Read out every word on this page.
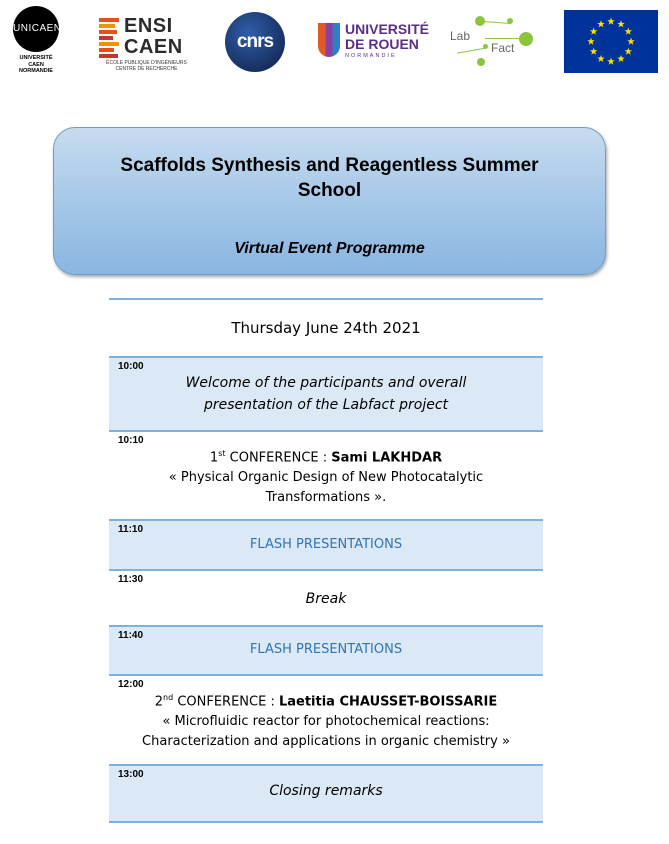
UNICAEN
UNIVERSITÉ
CAEN
NORMANDIE
ENSI
CAEN
ÉCOLE PUBLIQUE D'INGÉNIEURS
CENTRE DE RECHERCHE
cnrs
UNIVERSITÉ
DE ROUEN
NORMANDIE
Lab
Fact
Scaffolds Synthesis and Reagentless Summer
School
Virtual Event Programme
Thursday June 24th 2021
10:00
Welcome of the participants and overall
presentation of the Labfact project
10:10
1st CONFERENCE : Sami LAKHDAR
« Physical Organic Design of New Photocatalytic
Transformations ».
11:10
FLASH PRESENTATIONS
11:30
Break
11:40
FLASH PRESENTATIONS
12:00
2nd CONFERENCE : Laetitia CHAUSSET-BOISSARIE
« Microfluidic reactor for photochemical reactions:
Characterization and applications in organic chemistry »
13:00
Closing remarks
